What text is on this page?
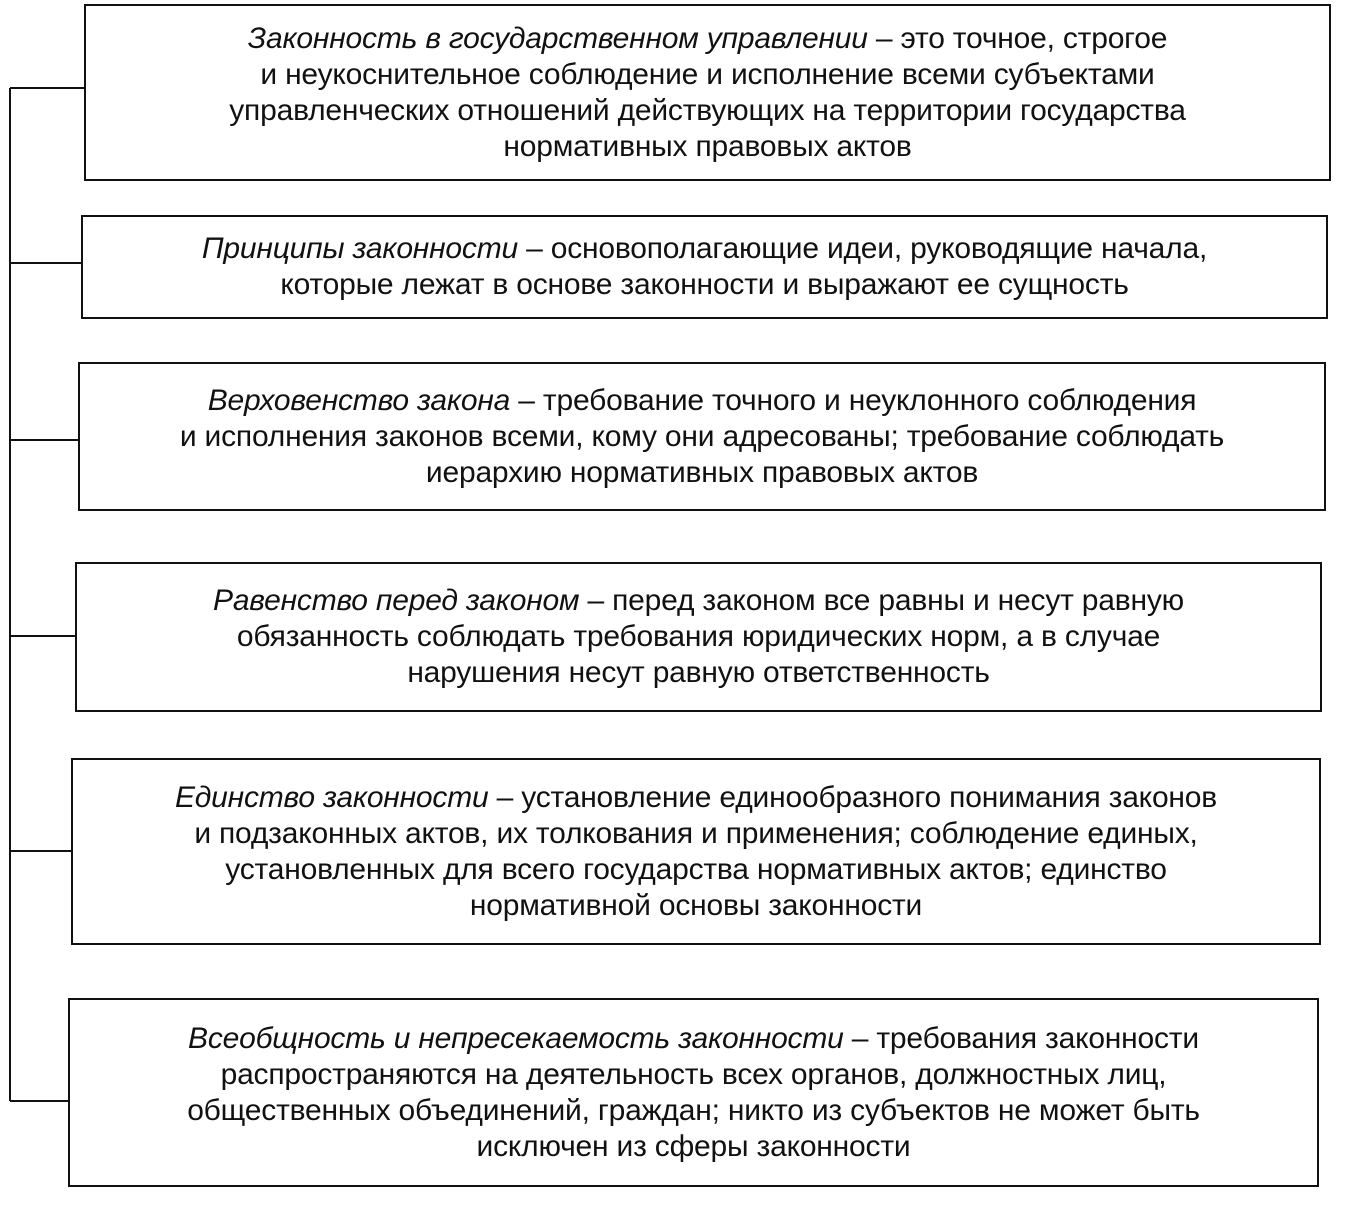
Законность в государственном управлении – это точное, строгое
и неукоснительное соблюдение и исполнение всеми субъектами
управленческих отношений действующих на территории государства
нормативных правовых актов
Принципы законности – основополагающие идеи, руководящие начала,
которые лежат в основе законности и выражают ее сущность
Верховенство закона – требование точного и неуклонного соблюдения
и исполнения законов всеми, кому они адресованы; требование соблюдать
иерархию нормативных правовых актов
Равенство перед законом – перед законом все равны и несут равную
обязанность соблюдать требования юридических норм, а в случае
нарушения несут равную ответственность
Единство законности – установление единообразного понимания законов
и подзаконных актов, их толкования и применения; соблюдение единых,
установленных для всего государства нормативных актов; единство
нормативной основы законности
Всеобщность и непресекаемость законности – требования законности
распространяются на деятельность всех органов, должностных лиц,
общественных объединений, граждан; никто из субъектов не может быть
исключен из сферы законности
